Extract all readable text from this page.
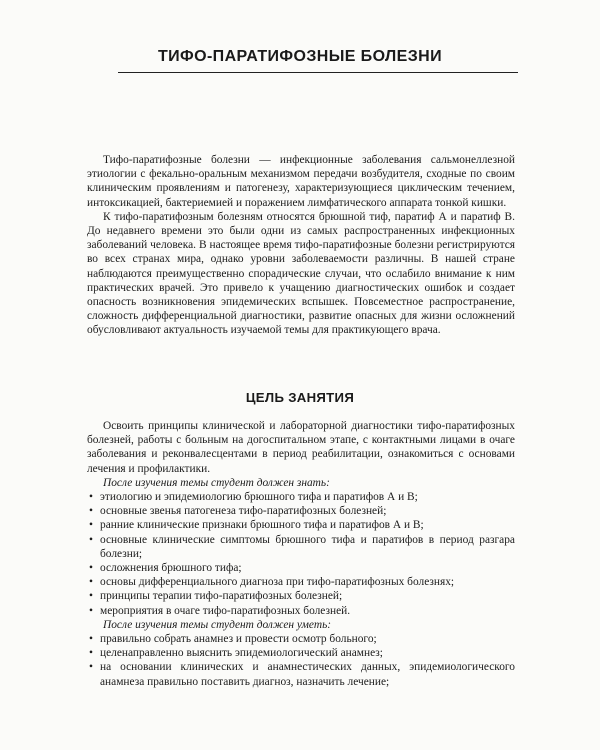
ТИФО-ПАРАТИФОЗНЫЕ БОЛЕЗНИ

Тифо-паратифозные болезни — инфекционные заболевания сальмонеллезной этиологии с фекально-оральным механизмом передачи возбудителя, сходные по своим клиническим проявлениям и патогенезу, характеризующиеся циклическим течением, интоксикацией, бактериемией и поражением лимфатического аппарата тонкой кишки.

К тифо-паратифозным болезням относятся брюшной тиф, паратиф А и паратиф В. До недавнего времени это были одни из самых распространенных инфекционных заболеваний человека. В настоящее время тифо-паратифозные болезни регистрируются во всех странах мира, однако уровни заболеваемости различны. В нашей стране наблюдаются преимущественно спорадические случаи, что ослабило внимание к ним практических врачей. Это привело к учащению диагностических ошибок и создает опасность возникновения эпидемических вспышек. Повсеместное распространение, сложность дифференциальной диагностики, развитие опасных для жизни осложнений обусловливают актуальность изучаемой темы для практикующего врача.

ЦЕЛЬ ЗАНЯТИЯ

Освоить принципы клинической и лабораторной диагностики тифо-паратифозных болезней, работы с больным на догоспитальном этапе, с контактными лицами в очаге заболевания и реконвалесцентами в период реабилитации, ознакомиться с основами лечения и профилактики.

После изучения темы студент должен знать:

• этиологию и эпидемиологию брюшного тифа и паратифов А и В;
• основные звенья патогенеза тифо-паратифозных болезней;
• ранние клинические признаки брюшного тифа и паратифов А и В;
• основные клинические симптомы брюшного тифа и паратифов в период разгара болезни;
• осложнения брюшного тифа;
• основы дифференциального диагноза при тифо-паратифозных болезнях;
• принципы терапии тифо-паратифозных болезней;
• мероприятия в очаге тифо-паратифозных болезней.

После изучения темы студент должен уметь:

• правильно собрать анамнез и провести осмотр больного;
• целенаправленно выяснить эпидемиологический анамнез;
• на основании клинических и анамнестических данных, эпидемиологического анамнеза правильно поставить диагноз, назначить лечение;
